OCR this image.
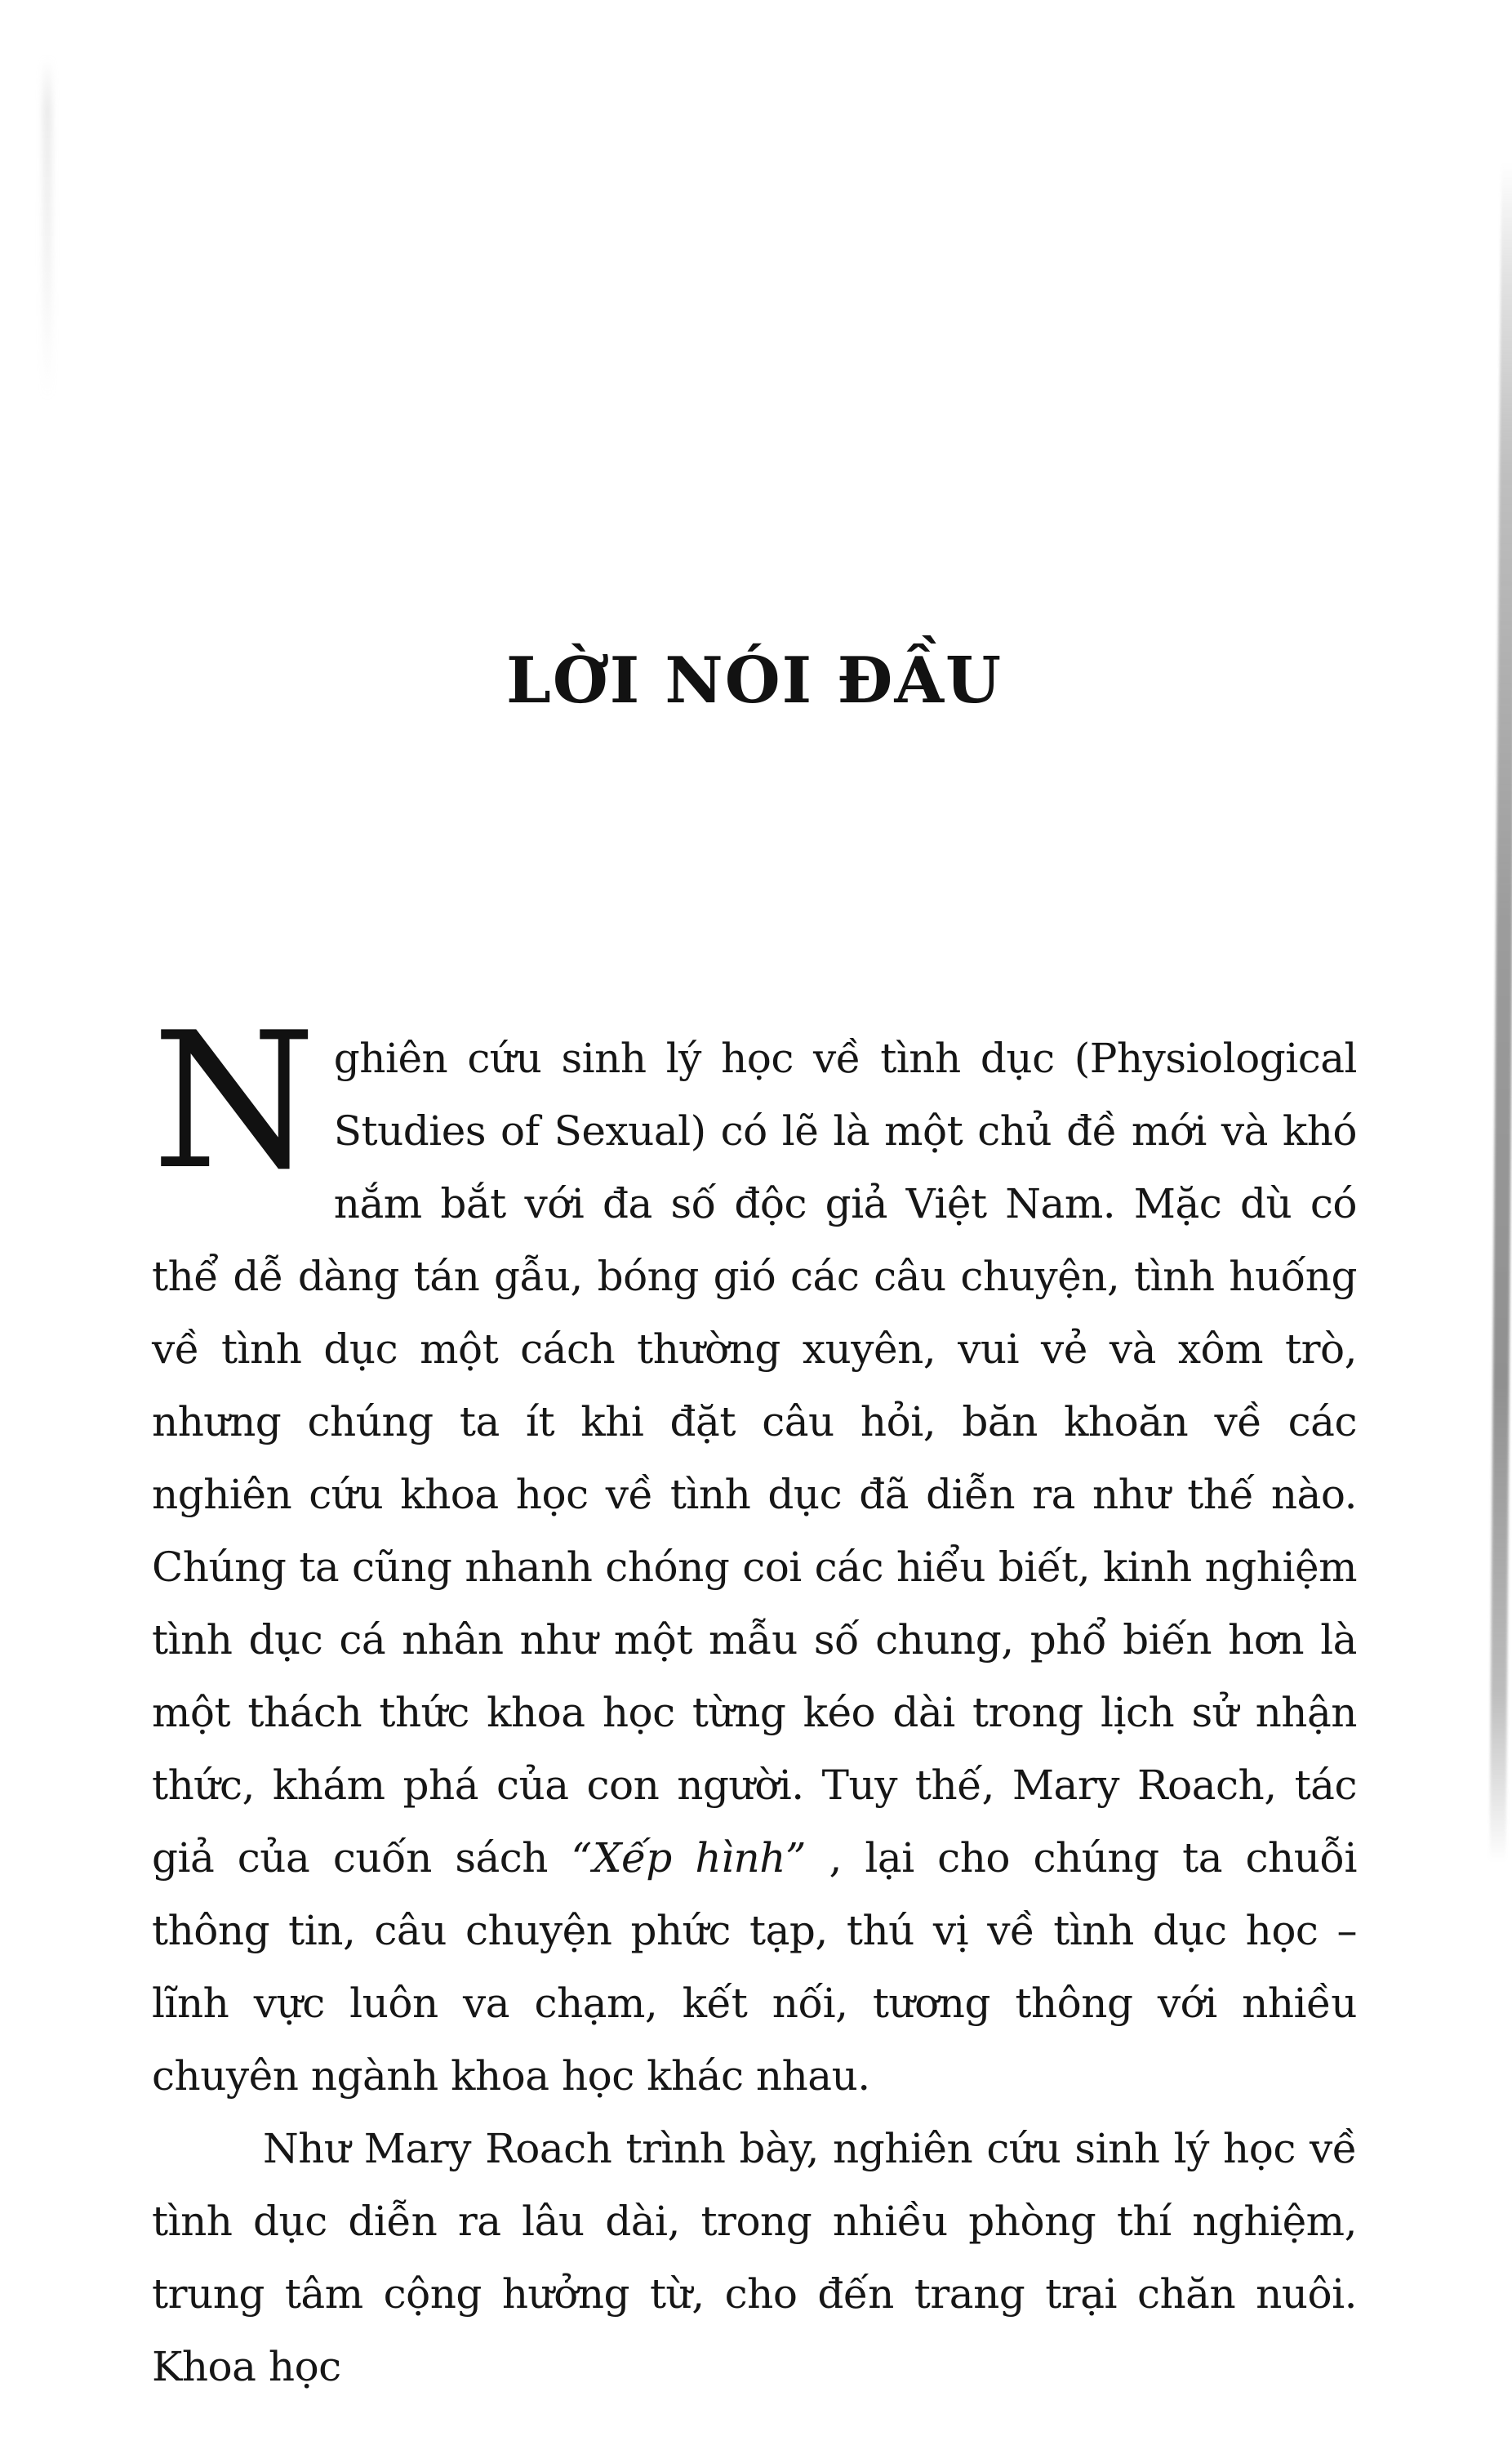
LỜI NÓI ĐẦU

N ghiên cứu sinh lý học về tình dục (Physiological Studies of Sexual) có lẽ là một chủ đề mới và khó nắm bắt với đa số độc giả Việt Nam. Mặc dù có thể dễ dàng tán gẫu, bóng gió các câu chuyện, tình huống về tình dục một cách thường xuyên, vui vẻ và xôm trò, nhưng chúng ta ít khi đặt câu hỏi, băn khoăn về các nghiên cứu khoa học về tình dục đã diễn ra như thế nào. Chúng ta cũng nhanh chóng coi các hiểu biết, kinh nghiệm tình dục cá nhân như một mẫu số chung, phổ biến hơn là một thách thức khoa học từng kéo dài trong lịch sử nhận thức, khám phá của con người. Tuy thế, Mary Roach, tác giả của cuốn sách “Xếp hình” , lại cho chúng ta chuỗi thông tin, câu chuyện phức tạp, thú vị về tình dục học – lĩnh vực luôn va chạm, kết nối, tương thông với nhiều chuyên ngành khoa học khác nhau.

Như Mary Roach trình bày, nghiên cứu sinh lý học về tình dục diễn ra lâu dài, trong nhiều phòng thí nghiệm, trung tâm cộng hưởng từ, cho đến trang trại chăn nuôi. Khoa học
